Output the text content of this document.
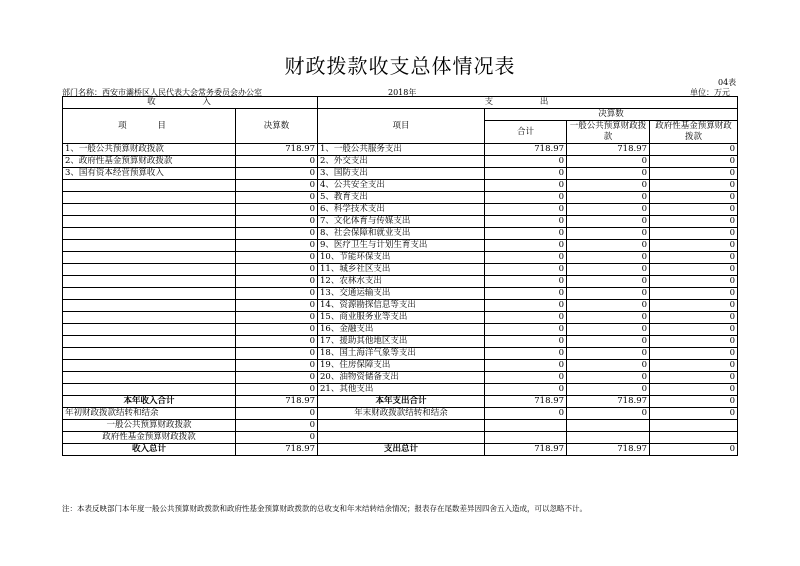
财政拨款收支总体情况表
04表
部门名称：西安市灞桥区人民代表大会常务委员会办公室	2018年	单位：万元
收 入		支 出			
项 目	决算数	项目	决算数		
			合计	一般公共预算财政拨款	政府性基金预算财政拨款
1、一般公共预算财政拨款	718.97	1、一般公共服务支出	718.97	718.97	0
2、政府性基金预算财政拨款	0	2、外交支出	0	0	0
3、国有资本经营预算收入	0	3、国防支出	0	0	0
	0	4、公共安全支出	0	0	0
	0	5、教育支出	0	0	0
	0	6、科学技术支出	0	0	0
	0	7、文化体育与传媒支出	0	0	0
	0	8、社会保障和就业支出	0	0	0
	0	9、医疗卫生与计划生育支出	0	0	0
	0	10、节能环保支出	0	0	0
	0	11、城乡社区支出	0	0	0
	0	12、农林水支出	0	0	0
	0	13、交通运输支出	0	0	0
	0	14、资源勘探信息等支出	0	0	0
	0	15、商业服务业等支出	0	0	0
	0	16、金融支出	0	0	0
	0	17、援助其他地区支出	0	0	0
	0	18、国土海洋气象等支出	0	0	0
	0	19、住房保障支出	0	0	0
	0	20、油物资储备支出	0	0	0
	0	21、其他支出	0	0	0
本年收入合计	718.97	本年支出合计	718.97	718.97	0
年初财政拨款结转和结余	0	年末财政拨款结转和结余	0	0	0
一般公共预算财政拨款	0				
政府性基金预算财政拨款	0				
收入总计	718.97	支出总计	718.97	718.97	0
注：本表反映部门本年度一般公共预算财政拨款和政府性基金预算财政拨款的总收支和年末结转结余情况；报表存在尾数差异因四舍五入造成，可以忽略不计。
